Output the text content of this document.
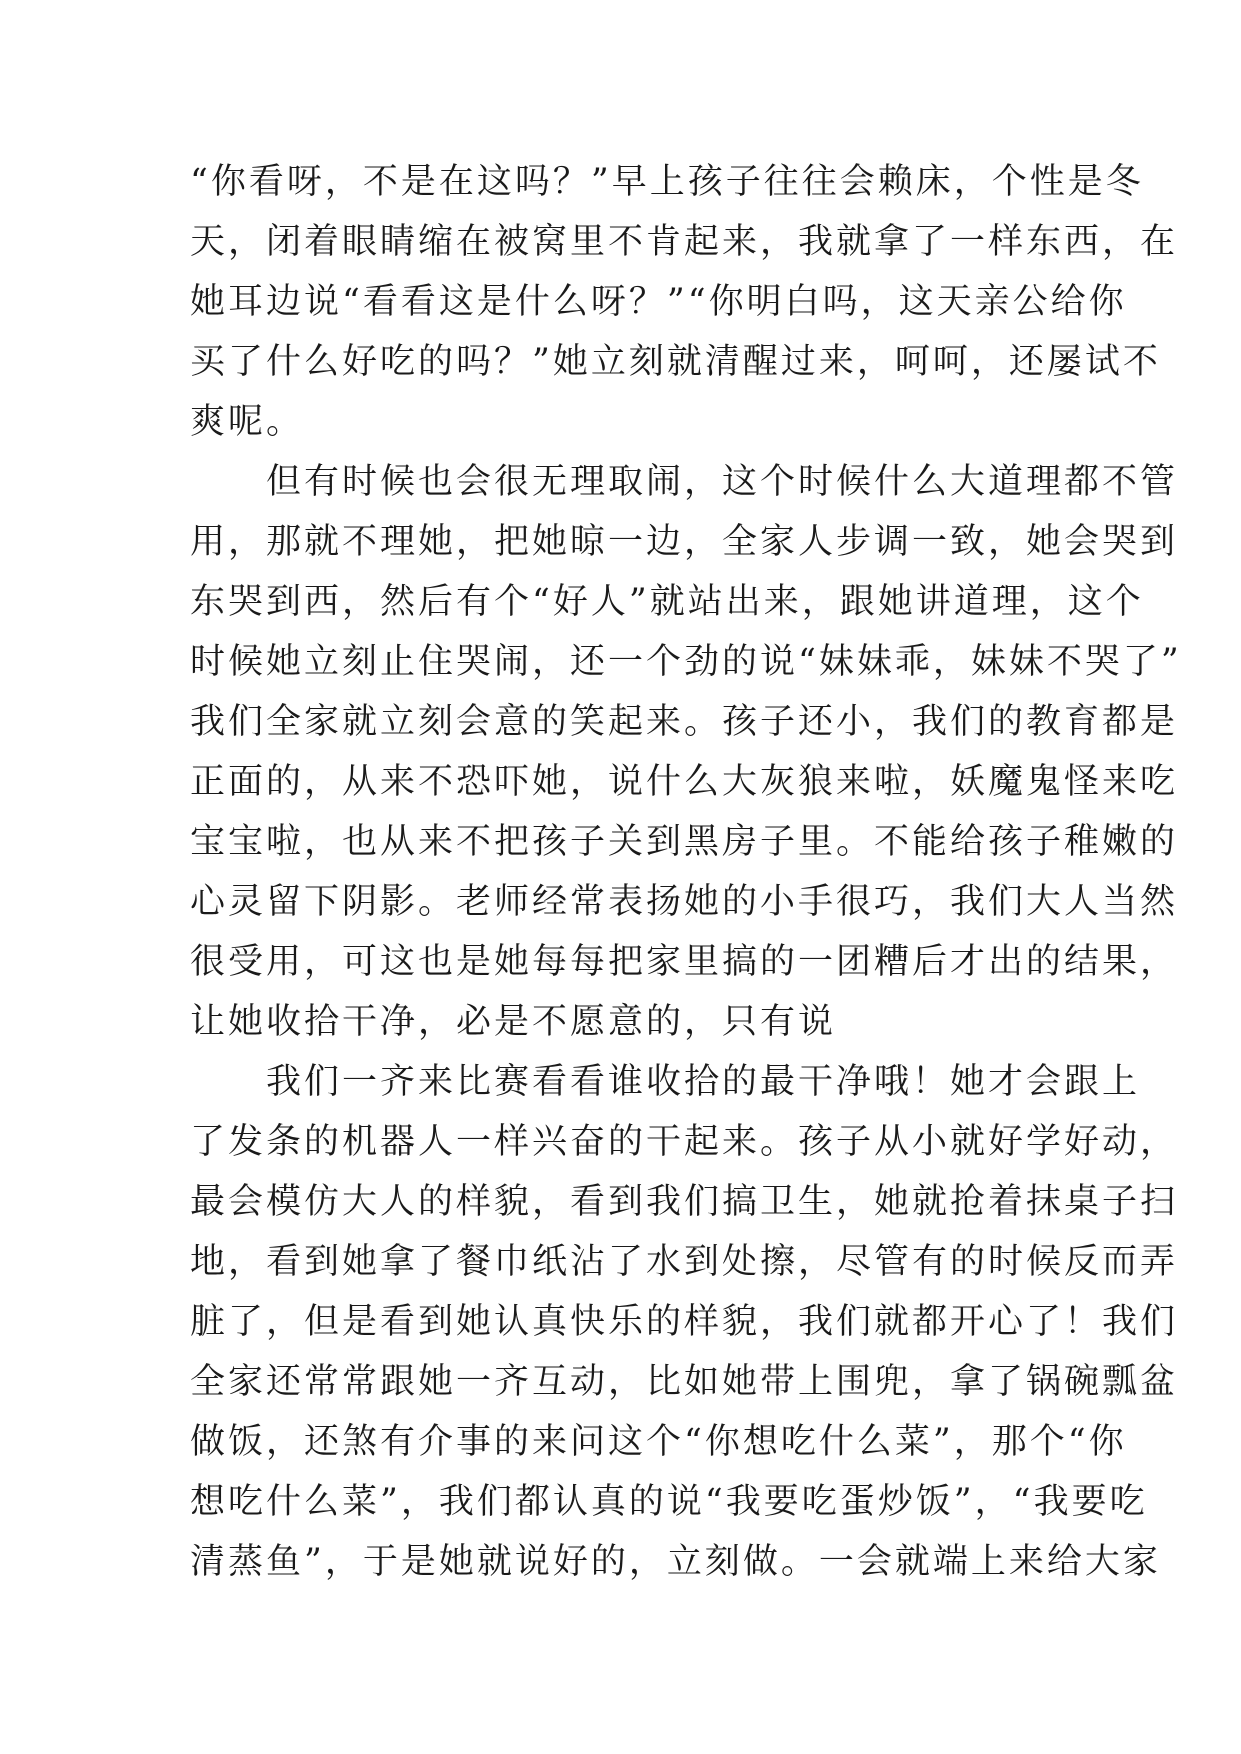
“你看呀，不是在这吗？”早上孩子往往会赖床，个性是冬
天，闭着眼睛缩在被窝里不肯起来，我就拿了一样东西，在
她耳边说“看看这是什么呀？”“你明白吗，这天亲公给你
买了什么好吃的吗？”她立刻就清醒过来，呵呵，还屡试不
爽呢。
　　但有时候也会很无理取闹，这个时候什么大道理都不管
用，那就不理她，把她晾一边，全家人步调一致，她会哭到
东哭到西，然后有个“好人”就站出来，跟她讲道理，这个
时候她立刻止住哭闹，还一个劲的说“妹妹乖，妹妹不哭了”
我们全家就立刻会意的笑起来。孩子还小，我们的教育都是
正面的，从来不恐吓她，说什么大灰狼来啦，妖魔鬼怪来吃
宝宝啦，也从来不把孩子关到黑房子里。不能给孩子稚嫩的
心灵留下阴影。老师经常表扬她的小手很巧，我们大人当然
很受用，可这也是她每每把家里搞的一团糟后才出的结果，
让她收拾干净，必是不愿意的，只有说
　　我们一齐来比赛看看谁收拾的最干净哦！她才会跟上
了发条的机器人一样兴奋的干起来。孩子从小就好学好动，
最会模仿大人的样貌，看到我们搞卫生，她就抢着抹桌子扫
地，看到她拿了餐巾纸沾了水到处擦，尽管有的时候反而弄
脏了，但是看到她认真快乐的样貌，我们就都开心了！我们
全家还常常跟她一齐互动，比如她带上围兜，拿了锅碗瓢盆
做饭，还煞有介事的来问这个“你想吃什么菜”，那个“你
想吃什么菜”，我们都认真的说“我要吃蛋炒饭”，“我要吃
清蒸鱼”，于是她就说好的，立刻做。一会就端上来给大家
